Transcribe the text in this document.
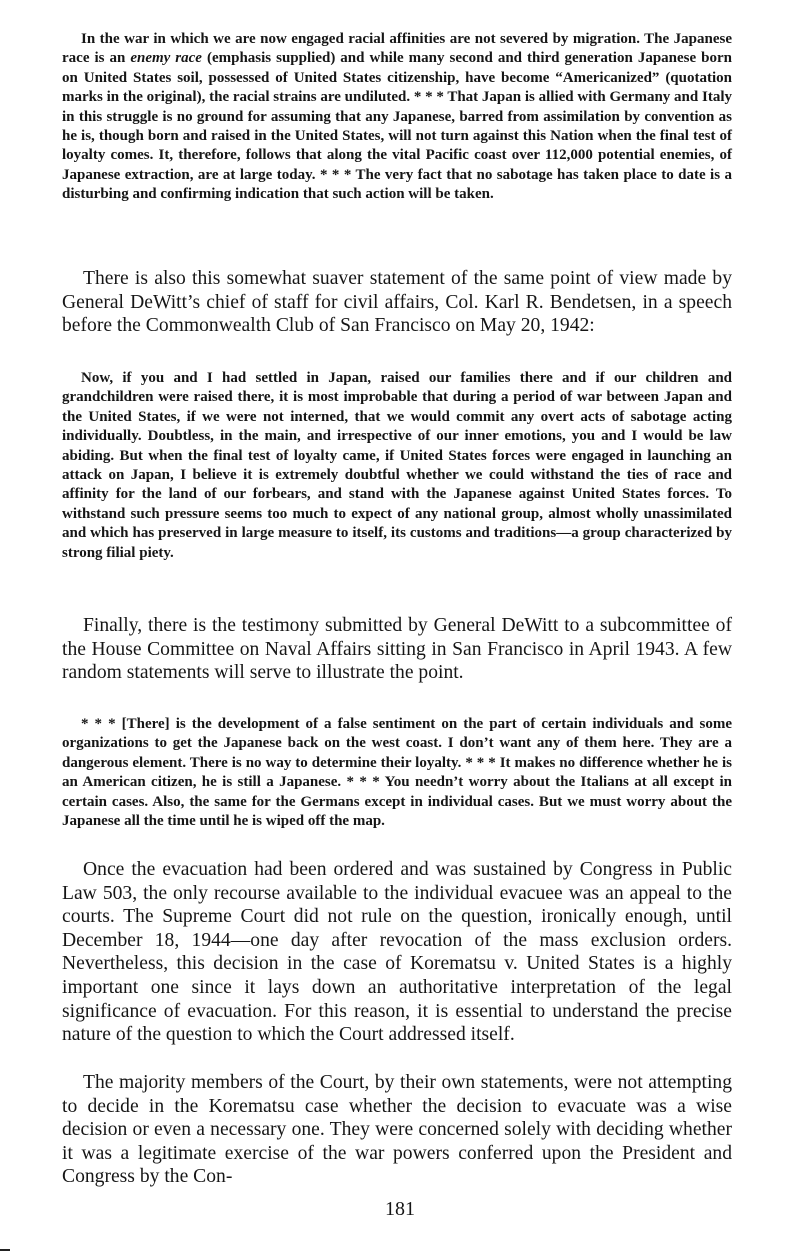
In the war in which we are now engaged racial affinities are not severed by migration. The Japanese race is an enemy race (emphasis supplied) and while many second and third generation Japanese born on United States soil, possessed of United States citizenship, have become “Americanized” (quotation marks in the original), the racial strains are undiluted. * * * That Japan is allied with Germany and Italy in this struggle is no ground for assuming that any Japanese, barred from assimilation by convention as he is, though born and raised in the United States, will not turn against this Nation when the final test of loyalty comes. It, therefore, follows that along the vital Pacific coast over 112,000 potential enemies, of Japanese extraction, are at large today. * * * The very fact that no sabotage has taken place to date is a disturbing and confirming indication that such action will be taken.

There is also this somewhat suaver statement of the same point of view made by General DeWitt’s chief of staff for civil affairs, Col. Karl R. Bendetsen, in a speech before the Commonwealth Club of San Francisco on May 20, 1942:

Now, if you and I had settled in Japan, raised our families there and if our children and grandchildren were raised there, it is most improbable that during a period of war between Japan and the United States, if we were not interned, that we would commit any overt acts of sabotage acting individually. Doubtless, in the main, and irrespective of our inner emotions, you and I would be law abiding. But when the final test of loyalty came, if United States forces were engaged in launching an attack on Japan, I believe it is extremely doubtful whether we could withstand the ties of race and affinity for the land of our forbears, and stand with the Japanese against United States forces. To withstand such pressure seems too much to expect of any national group, almost wholly unassimilated and which has preserved in large measure to itself, its customs and traditions—a group characterized by strong filial piety.

Finally, there is the testimony submitted by General DeWitt to a subcommittee of the House Committee on Naval Affairs sitting in San Francisco in April 1943. A few random statements will serve to illustrate the point.

* * * [There] is the development of a false sentiment on the part of certain individuals and some organizations to get the Japanese back on the west coast. I don’t want any of them here. They are a dangerous element. There is no way to determine their loyalty. * * * It makes no difference whether he is an American citizen, he is still a Japanese. * * * You needn’t worry about the Italians at all except in certain cases. Also, the same for the Germans except in individual cases. But we must worry about the Japanese all the time until he is wiped off the map.

Once the evacuation had been ordered and was sustained by Congress in Public Law 503, the only recourse available to the individual evacuee was an appeal to the courts. The Supreme Court did not rule on the question, ironically enough, until December 18, 1944—one day after revocation of the mass exclusion orders. Nevertheless, this decision in the case of Korematsu v. United States is a highly important one since it lays down an authoritative interpretation of the legal significance of evacuation. For this reason, it is essential to understand the precise nature of the question to which the Court addressed itself.

The majority members of the Court, by their own statements, were not attempting to decide in the Korematsu case whether the decision to evacuate was a wise decision or even a necessary one. They were concerned solely with deciding whether it was a legitimate exercise of the war powers conferred upon the President and Congress by the Con-

181
